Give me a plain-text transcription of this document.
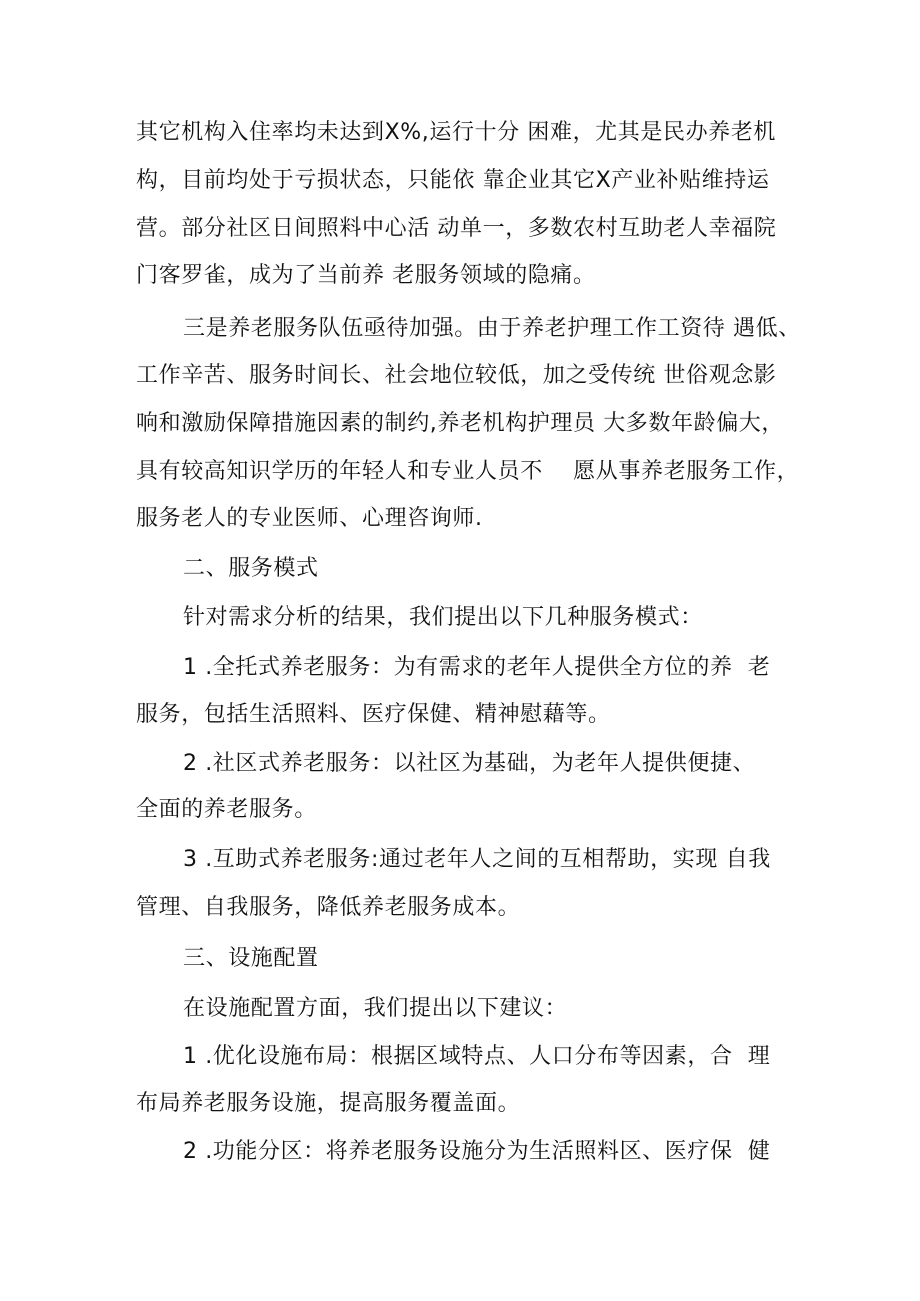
其它机构入住率均未达到X%,运行十分 困难，尤其是民办养老机

构，目前均处于亏损状态，只能依 靠企业其它X产业补贴维持运

营。部分社区日间照料中心活 动单一，多数农村互助老人幸福院

门客罗雀，成为了当前养 老服务领域的隐痛。

三是养老服务队伍亟待加强。由于养老护理工作工资待 遇低、

工作辛苦、服务时间长、社会地位较低，加之受传统 世俗观念影

响和激励保障措施因素的制约,养老机构护理员 大多数年龄偏大，

具有较高知识学历的年轻人和专业人员不    愿从事养老服务工作，

服务老人的专业医师、心理咨询师.

二、服务模式

针对需求分析的结果，我们提出以下几种服务模式：

1 .全托式养老服务：为有需求的老年人提供全方位的养  老

服务，包括生活照料、医疗保健、精神慰藉等。

2 .社区式养老服务：以社区为基础，为老年人提供便捷、

全面的养老服务。

3 .互助式养老服务:通过老年人之间的互相帮助，实现 自我

管理、自我服务，降低养老服务成本。

三、设施配置

在设施配置方面，我们提出以下建议：

1 .优化设施布局：根据区域特点、人口分布等因素，合  理

布局养老服务设施，提高服务覆盖面。

2 .功能分区：将养老服务设施分为生活照料区、医疗保  健
